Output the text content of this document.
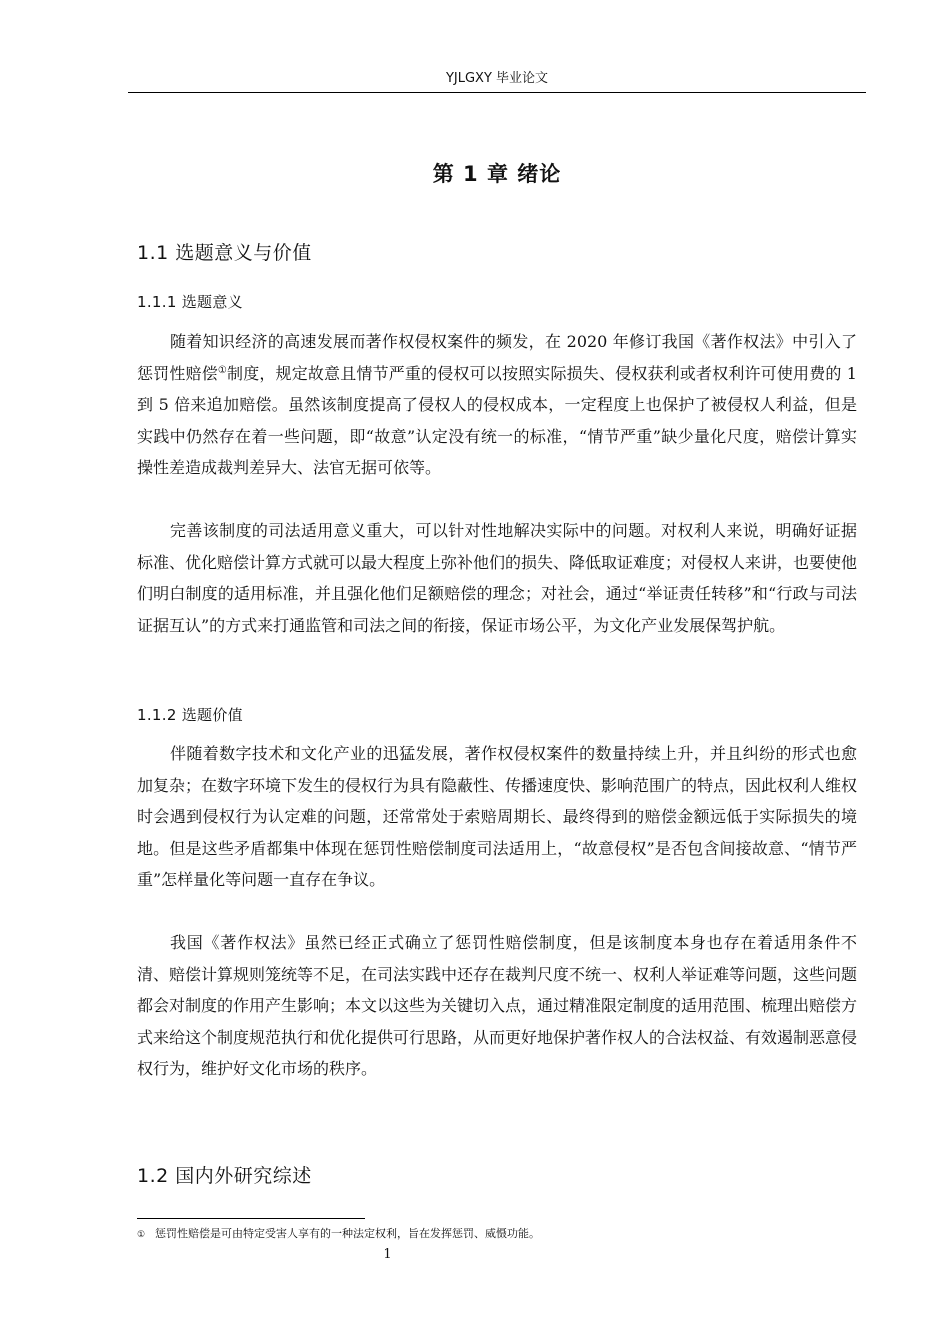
YJLGXY 毕业论文
第 1 章 绪论
1.1 选题意义与价值
1.1.1 选题意义

随着知识经济的高速发展而著作权侵权案件的频发，在 2020 年修订我国《著作权法》中引入了惩罚性赔偿①制度，规定故意且情节严重的侵权可以按照实际损失、侵权获利或者权利许可使用费的 1 到 5 倍来追加赔偿。虽然该制度提高了侵权人的侵权成本，一定程度上也保护了被侵权人利益，但是实践中仍然存在着一些问题，即“故意”认定没有统一的标准，“情节严重”缺少量化尺度，赔偿计算实操性差造成裁判差异大、法官无据可依等。

完善该制度的司法适用意义重大，可以针对性地解决实际中的问题。对权利人来说，明确好证据标准、优化赔偿计算方式就可以最大程度上弥补他们的损失、降低取证难度；对侵权人来讲，也要使他们明白制度的适用标准，并且强化他们足额赔偿的理念；对社会，通过“举证责任转移”和“行政与司法证据互认”的方式来打通监管和司法之间的衔接，保证市场公平，为文化产业发展保驾护航。

1.1.2 选题价值

伴随着数字技术和文化产业的迅猛发展，著作权侵权案件的数量持续上升，并且纠纷的形式也愈加复杂；在数字环境下发生的侵权行为具有隐蔽性、传播速度快、影响范围广的特点，因此权利人维权时会遇到侵权行为认定难的问题，还常常处于索赔周期长、最终得到的赔偿金额远低于实际损失的境地。但是这些矛盾都集中体现在惩罚性赔偿制度司法适用上，“故意侵权”是否包含间接故意、“情节严重”怎样量化等问题一直存在争议。

我国《著作权法》虽然已经正式确立了惩罚性赔偿制度，但是该制度本身也存在着适用条件不清、赔偿计算规则笼统等不足，在司法实践中还存在裁判尺度不统一、权利人举证难等问题，这些问题都会对制度的作用产生影响；本文以这些为关键切入点，通过精准限定制度的适用范围、梳理出赔偿方式来给这个制度规范执行和优化提供可行思路，从而更好地保护著作权人的合法权益、有效遏制恶意侵权行为，维护好文化市场的秩序。

1.2 国内外研究综述
① 惩罚性赔偿是可由特定受害人享有的一种法定权利，旨在发挥惩罚、威慑功能。
1
